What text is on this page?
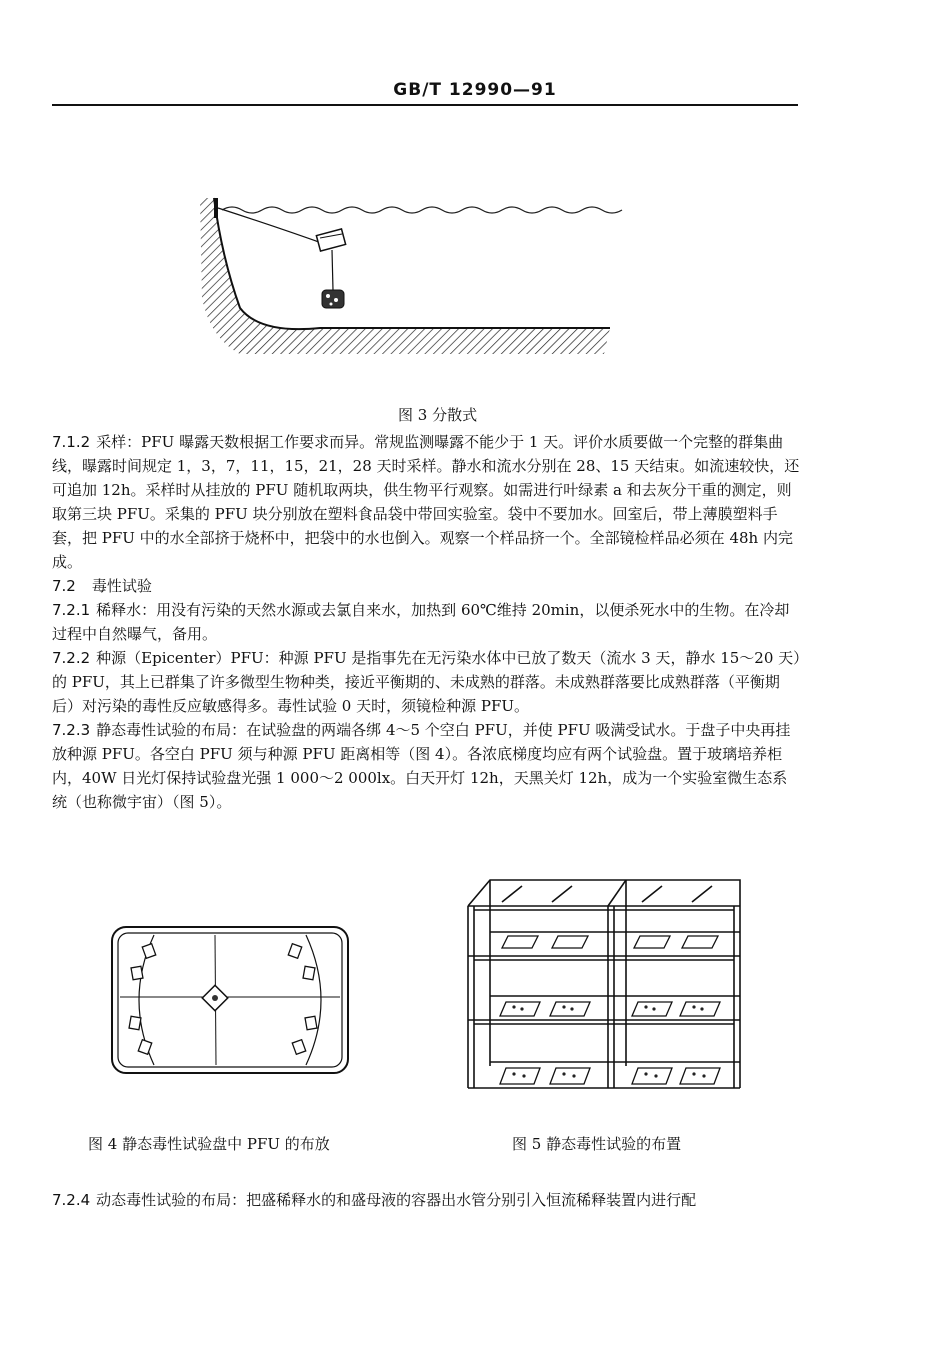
GB/T 12990—91
图 3 分散式

7.1.2 采样：PFU 曝露天数根据工作要求而异。常规监测曝露不能少于 1 天。评价水质要做一个完整的群集曲线，曝露时间规定 1，3，7，11，15，21，28 天时采样。静水和流水分别在 28、15 天结束。如流速较快，还可追加 12h。采样时从挂放的 PFU 随机取两块，供生物平行观察。如需进行叶绿素 a 和去灰分干重的测定，则取第三块 PFU。采集的 PFU 块分别放在塑料食品袋中带回实验室。袋中不要加水。回室后，带上薄膜塑料手套，把 PFU 中的水全部挤于烧杯中，把袋中的水也倒入。观察一个样品挤一个。全部镜检样品必须在 48h 内完成。

7.2 毒性试验

7.2.1 稀释水：用没有污染的天然水源或去氯自来水，加热到 60℃维持 20min，以便杀死水中的生物。在冷却过程中自然曝气，备用。

7.2.2 种源（Epicenter）PFU：种源 PFU 是指事先在无污染水体中已放了数天（流水 3 天，静水 15～20 天）的 PFU，其上已群集了许多微型生物种类，接近平衡期的、未成熟的群落。未成熟群落要比成熟群落（平衡期后）对污染的毒性反应敏感得多。毒性试验 0 天时，须镜检种源 PFU。

7.2.3 静态毒性试验的布局：在试验盘的两端各绑 4～5 个空白 PFU，并使 PFU 吸满受试水。于盘子中央再挂放种源 PFU。各空白 PFU 须与种源 PFU 距离相等（图 4）。各浓底梯度均应有两个试验盘。置于玻璃培养柜内，40W 日光灯保持试验盘光强 1 000～2 000lx。白天开灯 12h，天黑关灯 12h，成为一个实验室微生态系统（也称微宇宙）（图 5）。

图 4 静态毒性试验盘中 PFU 的布放	图 5 静态毒性试验的布置
7.2.4 动态毒性试验的布局：把盛稀释水的和盛母液的容器出水管分别引入恒流稀释装置内进行配
